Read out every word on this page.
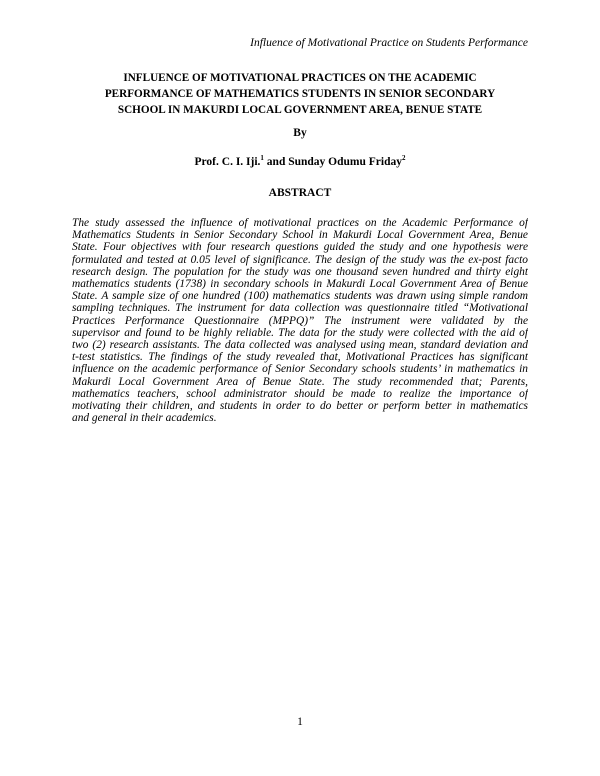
Influence of Motivational Practice on Students Performance
INFLUENCE OF MOTIVATIONAL PRACTICES ON THE ACADEMIC
PERFORMANCE OF MATHEMATICS STUDENTS IN SENIOR SECONDARY
SCHOOL IN MAKURDI LOCAL GOVERNMENT AREA, BENUE STATE
By
Prof. C. I. Iji.$^1$ and Sunday Odumu Friday$^2$
ABSTRACT
The study assessed the influence of motivational practices on the Academic Performance of
Mathematics Students in Senior Secondary School in Makurdi Local Government Area, Benue
State. Four objectives with four research questions guided the study and one hypothesis were
formulated and tested at 0.05 level of significance. The design of the study was the ex-post facto
research design. The population for the study was one thousand seven hundred and thirty eight
mathematics students (1738) in secondary schools in Makurdi Local Government Area of Benue
State. A sample size of one hundred (100) mathematics students was drawn using simple random
sampling techniques. The instrument for data collection was questionnaire titled “Motivational
Practices Performance Questionnaire (MPPQ)” The instrument were validated by the
supervisor and found to be highly reliable. The data for the study were collected with the aid of
two (2) research assistants. The data collected was analysed using mean, standard deviation and
t-test statistics. The findings of the study revealed that, Motivational Practices has significant
influence on the academic performance of Senior Secondary schools students’ in mathematics in
Makurdi Local Government Area of Benue State. The study recommended that; Parents,
mathematics teachers, school administrator should be made to realize the importance of
motivating their children, and students in order to do better or perform better in mathematics
and general in their academics.
1
